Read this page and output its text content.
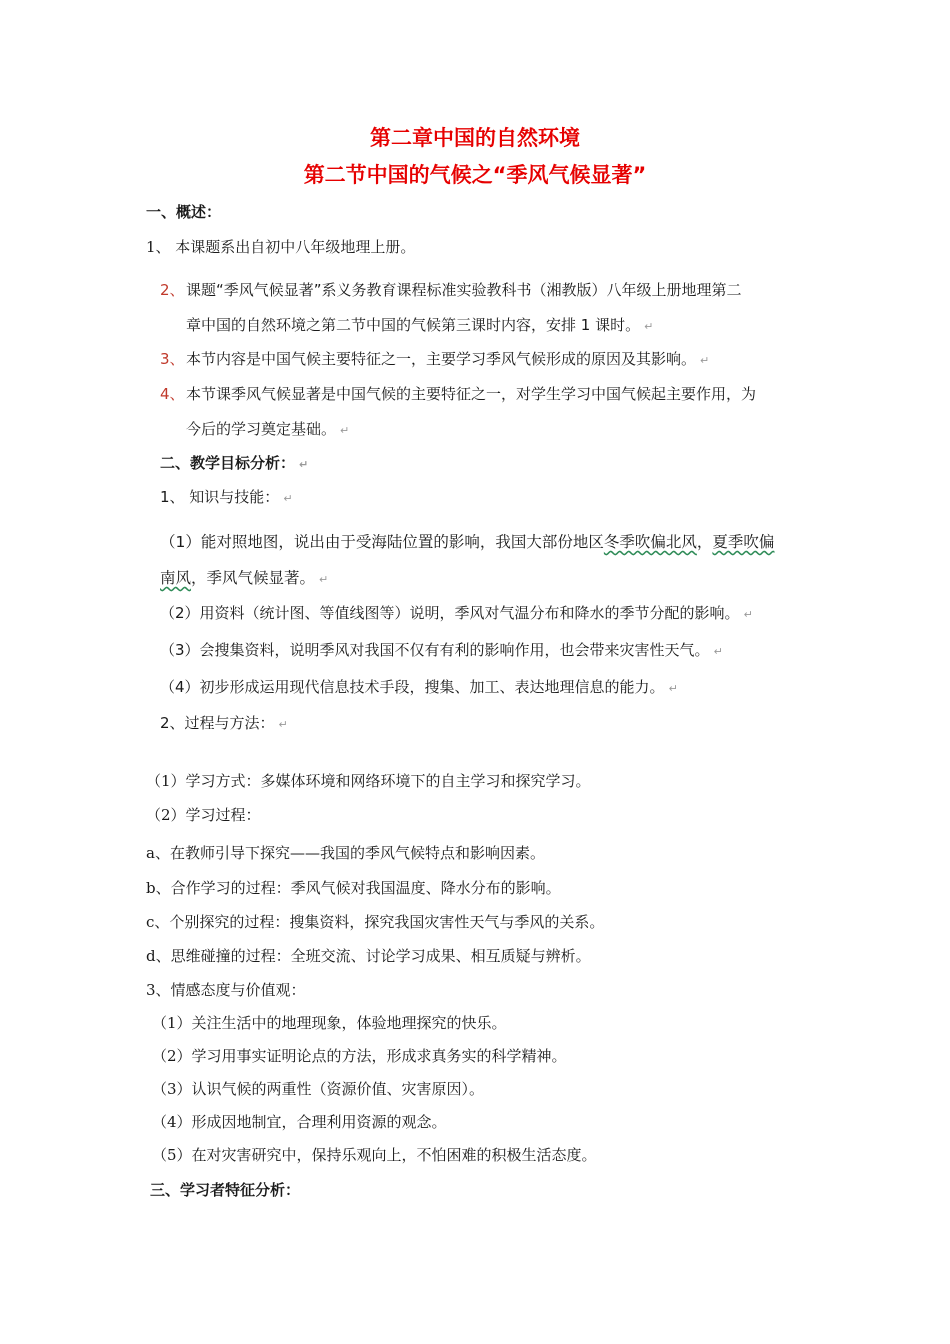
第二章中国的自然环境
第二节中国的气候之“季风气候显著”
一、概述：
1、 本课题系出自初中八年级地理上册。
2、 课题“季风气候显著”系义务教育课程标准实验教科书（湘教版）八年级上册地理第二
章中国的自然环境之第二节中国的气候第三课时内容，安排 1 课时。 ↵
3、 本节内容是中国气候主要特征之一，主要学习季风气候形成的原因及其影响。 ↵
4、 本节课季风气候显著是中国气候的主要特征之一，对学生学习中国气候起主要作用，为
今后的学习奠定基础。 ↵
二、教学目标分析： ↵
1、 知识与技能： ↵
（1）能对照地图，说出由于受海陆位置的影响，我国大部份地区冬季吹偏北风，夏季吹偏
南风，季风气候显著。 ↵
（2）用资料（统计图、等值线图等）说明，季风对气温分布和降水的季节分配的影响。 ↵
（3）会搜集资料，说明季风对我国不仅有有利的影响作用，也会带来灾害性天气。 ↵
（4）初步形成运用现代信息技术手段，搜集、加工、表达地理信息的能力。 ↵
2、过程与方法： ↵
（1）学习方式：多媒体环境和网络环境下的自主学习和探究学习。
（2）学习过程：
a、在教师引导下探究——我国的季风气候特点和影响因素。
b、合作学习的过程：季风气候对我国温度、降水分布的影响。
c、个别探究的过程：搜集资料，探究我国灾害性天气与季风的关系。
d、思维碰撞的过程：全班交流、讨论学习成果、相互质疑与辨析。
3、情感态度与价值观：
（1）关注生活中的地理现象，体验地理探究的快乐。
（2）学习用事实证明论点的方法，形成求真务实的科学精神。
（3）认识气候的两重性（资源价值、灾害原因）。
（4）形成因地制宜，合理利用资源的观念。
（5）在对灾害研究中，保持乐观向上，不怕困难的积极生活态度。
三、学习者特征分析：
